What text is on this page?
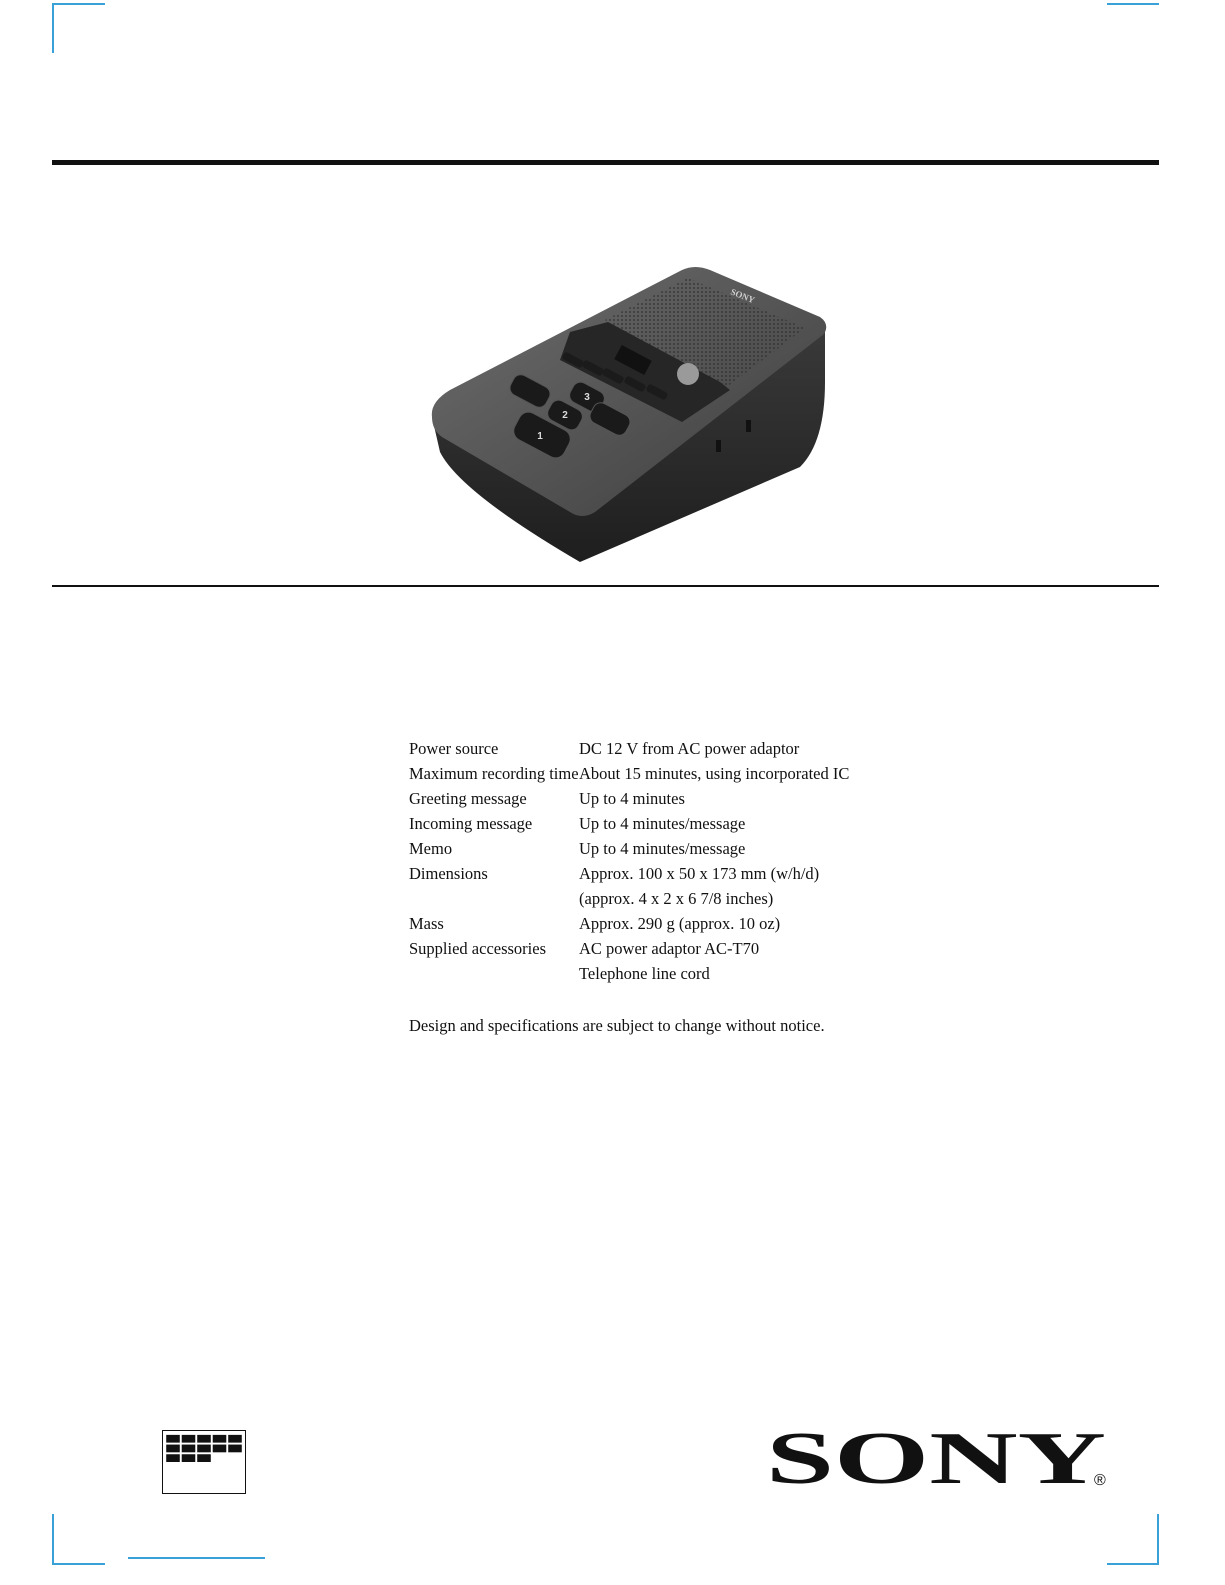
3
2
1
SONY
Power source	DC 12 V from AC power adaptor
Maximum recording time About 15 minutes, using incorporated IC
Greeting message	Up to 4 minutes
Incoming message	Up to 4 minutes/message
Memo	Up to 4 minutes/message
Dimensions	Approx. 100 x 50 x 173 mm (w/h/d)
(approx. 4 x 2 x 6 7/8 inches)
Mass	Approx. 290 g (approx. 10 oz)
Supplied accessories	AC power adaptor AC-T70
Telephone line cord
Design and specifications are subject to change without notice.
SONY
®
